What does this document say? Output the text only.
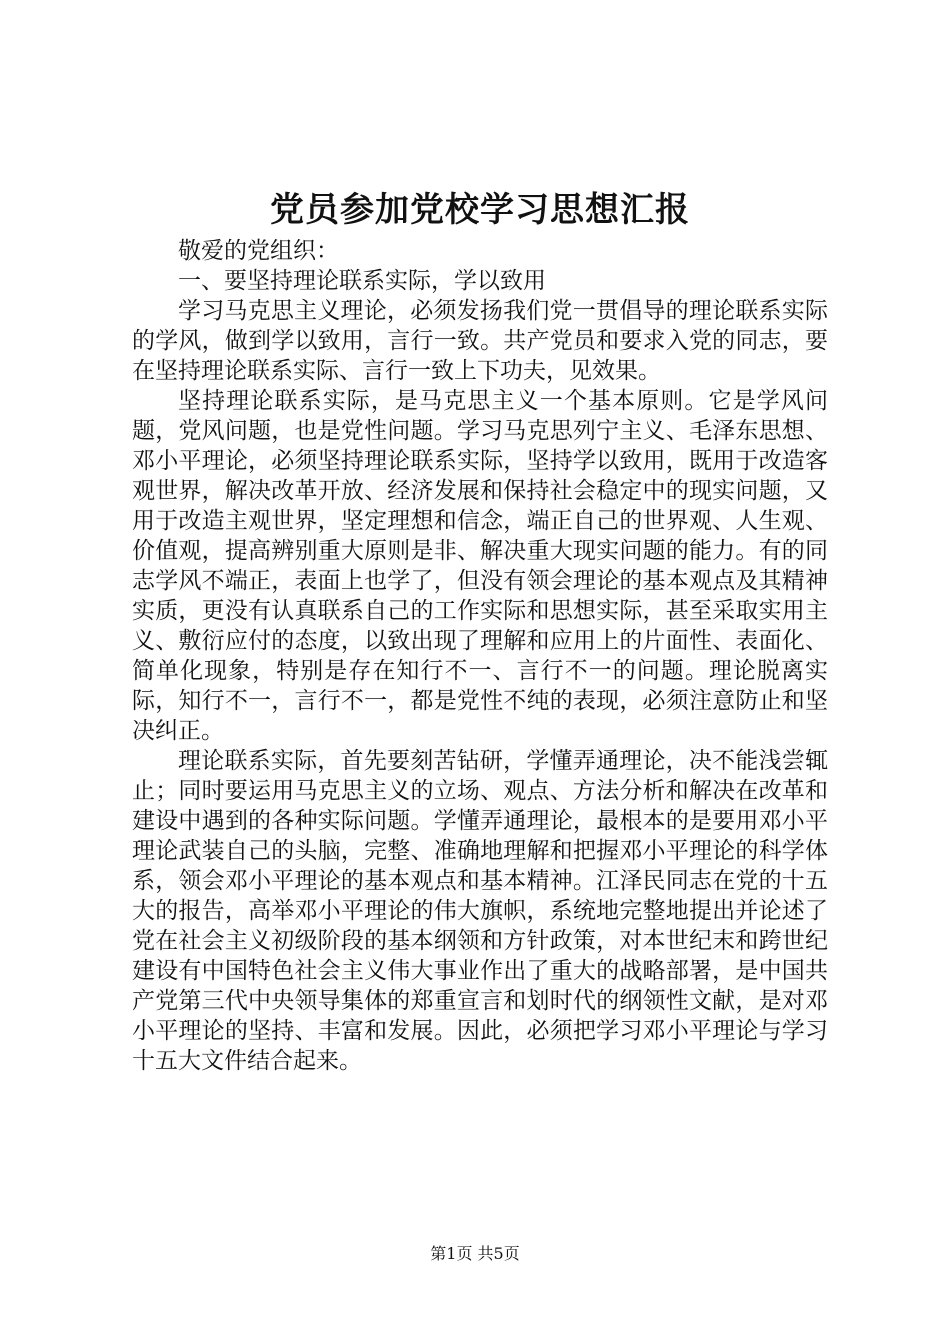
党员参加党校学习思想汇报

敬爱的党组织：

一、要坚持理论联系实际，学以致用

学习马克思主义理论，必须发扬我们党一贯倡导的理论联系实际的学风，做到学以致用，言行一致。共产党员和要求入党的同志，要在坚持理论联系实际、言行一致上下功夫，见效果。

坚持理论联系实际，是马克思主义一个基本原则。它是学风问题，党风问题，也是党性问题。学习马克思列宁主义、毛泽东思想、邓小平理论，必须坚持理论联系实际，坚持学以致用，既用于改造客观世界，解决改革开放、经济发展和保持社会稳定中的现实问题，又用于改造主观世界，坚定理想和信念，端正自己的世界观、人生观、价值观，提高辨别重大原则是非、解决重大现实问题的能力。有的同志学风不端正，表面上也学了，但没有领会理论的基本观点及其精神实质，更没有认真联系自己的工作实际和思想实际，甚至采取实用主义、敷衍应付的态度，以致出现了理解和应用上的片面性、表面化、简单化现象，特别是存在知行不一、言行不一的问题。理论脱离实际，知行不一，言行不一，都是党性不纯的表现，必须注意防止和坚决纠正。

理论联系实际，首先要刻苦钻研，学懂弄通理论，决不能浅尝辄止；同时要运用马克思主义的立场、观点、方法分析和解决在改革和建设中遇到的各种实际问题。学懂弄通理论，最根本的是要用邓小平理论武装自己的头脑，完整、准确地理解和把握邓小平理论的科学体系，领会邓小平理论的基本观点和基本精神。江泽民同志在党的十五大的报告，高举邓小平理论的伟大旗帜，系统地完整地提出并论述了党在社会主义初级阶段的基本纲领和方针政策，对本世纪末和跨世纪建设有中国特色社会主义伟大事业作出了重大的战略部署，是中国共产党第三代中央领导集体的郑重宣言和划时代的纲领性文献，是对邓小平理论的坚持、丰富和发展。因此，必须把学习邓小平理论与学习十五大文件结合起来。

第1页 共5页
